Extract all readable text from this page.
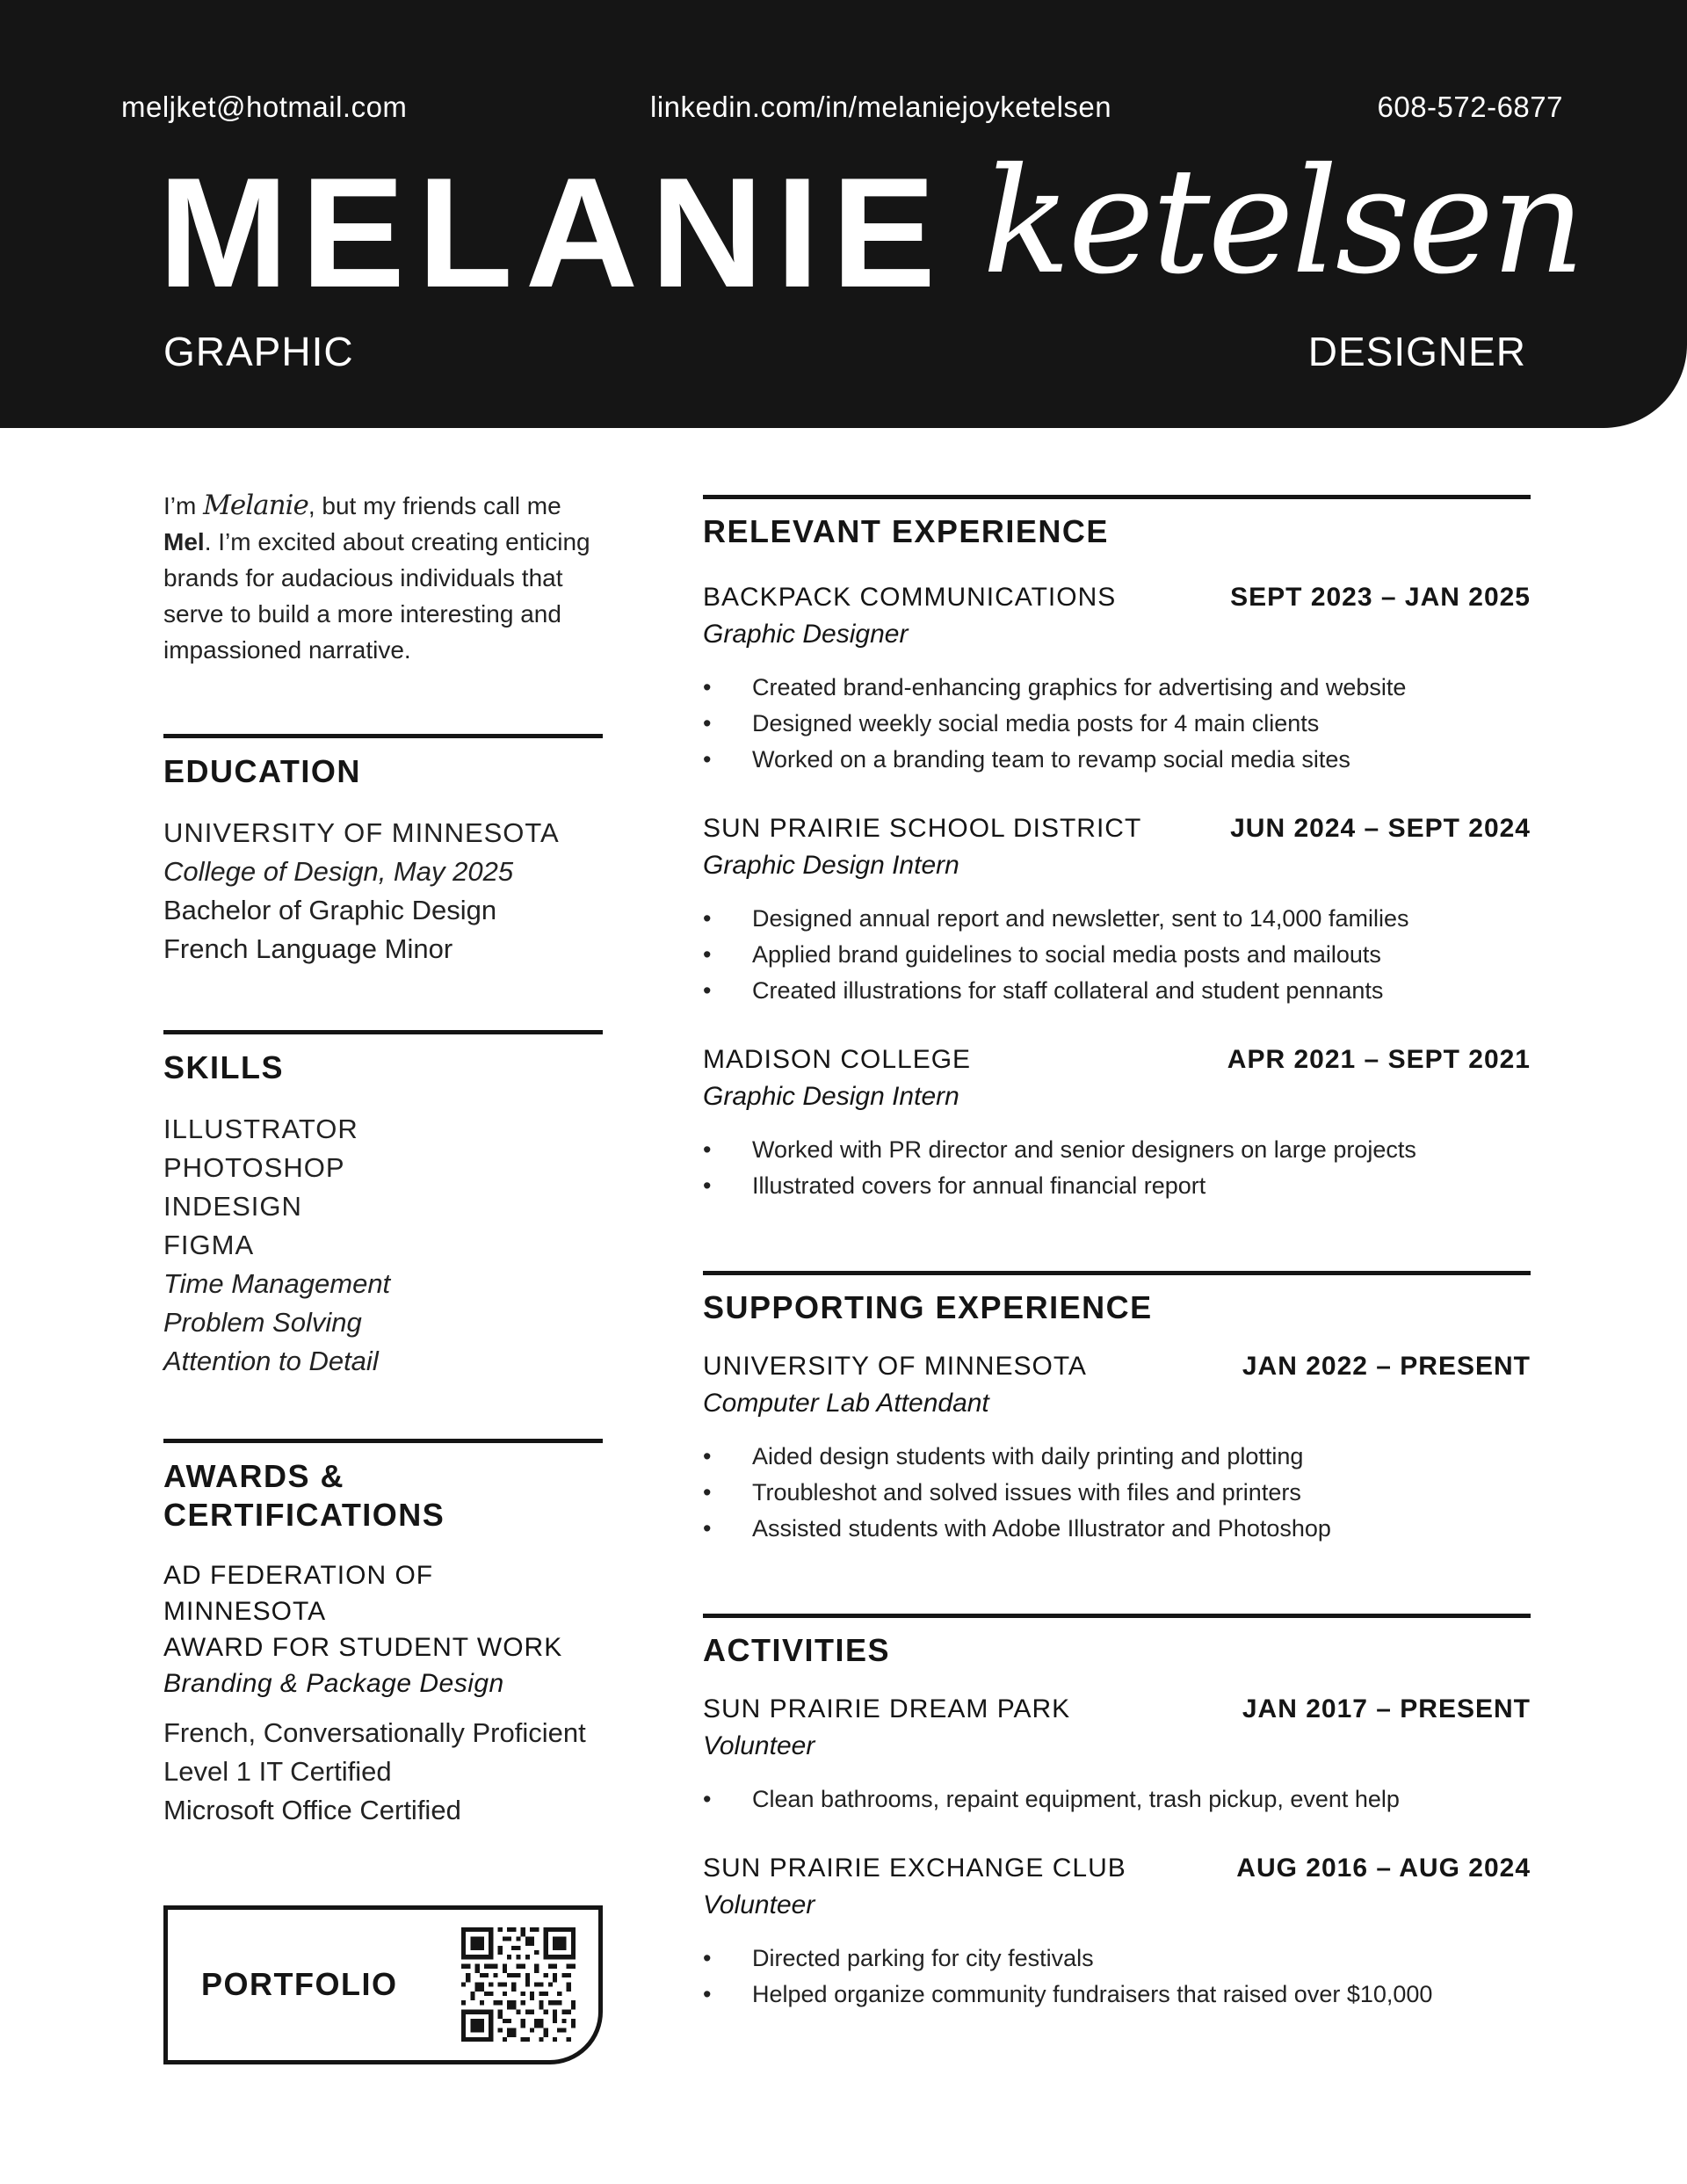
meljket@hotmail.com	linkedin.com/in/melaniejoyketelsen	608-572-6877
MELANIE ketelsen
GRAPHIC	DESIGNER

I’m Melanie, but my friends call me Mel. I’m excited about creating enticing brands for audacious individuals that serve to build a more interesting and impassioned narrative.

EDUCATION

UNIVERSITY OF MINNESOTA

College of Design, May 2025

Bachelor of Graphic Design

French Language Minor

SKILLS

ILLUSTRATOR

PHOTOSHOP

INDESIGN

FIGMA

Time Management

Problem Solving

Attention to Detail

AWARDS &
CERTIFICATIONS

AD FEDERATION OF MINNESOTA

AWARD FOR STUDENT WORK

Branding & Package Design

French, Conversationally Proficient

Level 1 IT Certified

Microsoft Office Certified

PORTFOLIO
RELEVANT EXPERIENCE
BACKPACK COMMUNICATIONS	SEPT 2023 – JAN 2025

Graphic Designer

• Created brand-enhancing graphics for advertising and website
• Designed weekly social media posts for 4 main clients
• Worked on a branding team to revamp social media sites
SUN PRAIRIE SCHOOL DISTRICT	JUN 2024 – SEPT 2024

Graphic Design Intern

• Designed annual report and newsletter, sent to 14,000 families
• Applied brand guidelines to social media posts and mailouts
• Created illustrations for staff collateral and student pennants
MADISON COLLEGE	APR 2021 – SEPT 2021

Graphic Design Intern

• Worked with PR director and senior designers on large projects
• Illustrated covers for annual financial report
SUPPORTING EXPERIENCE
UNIVERSITY OF MINNESOTA	JAN 2022 – PRESENT

Computer Lab Attendant

• Aided design students with daily printing and plotting
• Troubleshot and solved issues with files and printers
• Assisted students with Adobe Illustrator and Photoshop
ACTIVITIES
SUN PRAIRIE DREAM PARK	JAN 2017 – PRESENT

Volunteer

• Clean bathrooms, repaint equipment, trash pickup, event help
SUN PRAIRIE EXCHANGE CLUB	AUG 2016 – AUG 2024

Volunteer

• Directed parking for city festivals
• Helped organize community fundraisers that raised over $10,000
